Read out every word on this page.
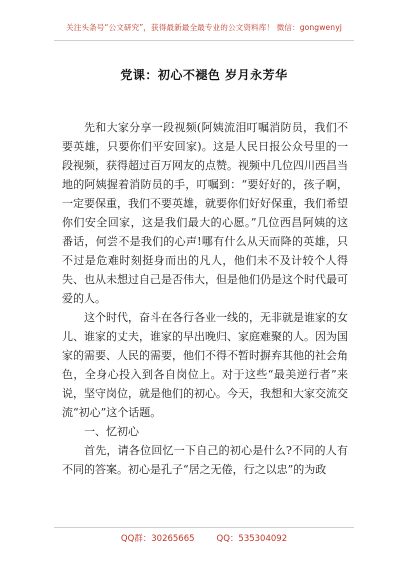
关注头条号“公文研究”，获得最新最全最专业的公文资料库！ 微信：gongwenyj
党课：初心不褪色 岁月永芳华

先和大家分享一段视频(阿姨流泪叮嘱消防员，我们不要英雄，只要你们平安回家)。这是人民日报公众号里的一段视频，获得超过百万网友的点赞。视频中几位四川西昌当地的阿姨握着消防员的手，叮嘱到：“要好好的，孩子啊，一定要保重，我们不要英雄，就要你们好好保重，我们希望你们安全回家，这是我们最大的心愿。”几位西昌阿姨的这番话，何尝不是我们的心声!哪有什么从天而降的英雄，只不过是危难时刻挺身而出的凡人，他们未不及计较个人得失、也从未想过自己是否伟大，但是他们仍是这个时代最可爱的人。

这个时代，奋斗在各行各业一线的，无非就是谁家的女儿、谁家的丈夫，谁家的早出晚归、家庭难聚的人。因为国家的需要、人民的需要，他们不得不暂时摒弃其他的社会角色，全身心投入到各自岗位上。对于这些“最美逆行者”来说，坚守岗位，就是他们的初心。今天，我想和大家交流交流“初心”这个话题。

一、忆初心

首先，请各位回忆一下自己的初心是什么?不同的人有不同的答案。初心是孔子“居之无倦，行之以忠”的为政

QQ群：30265665	QQ：535304092
